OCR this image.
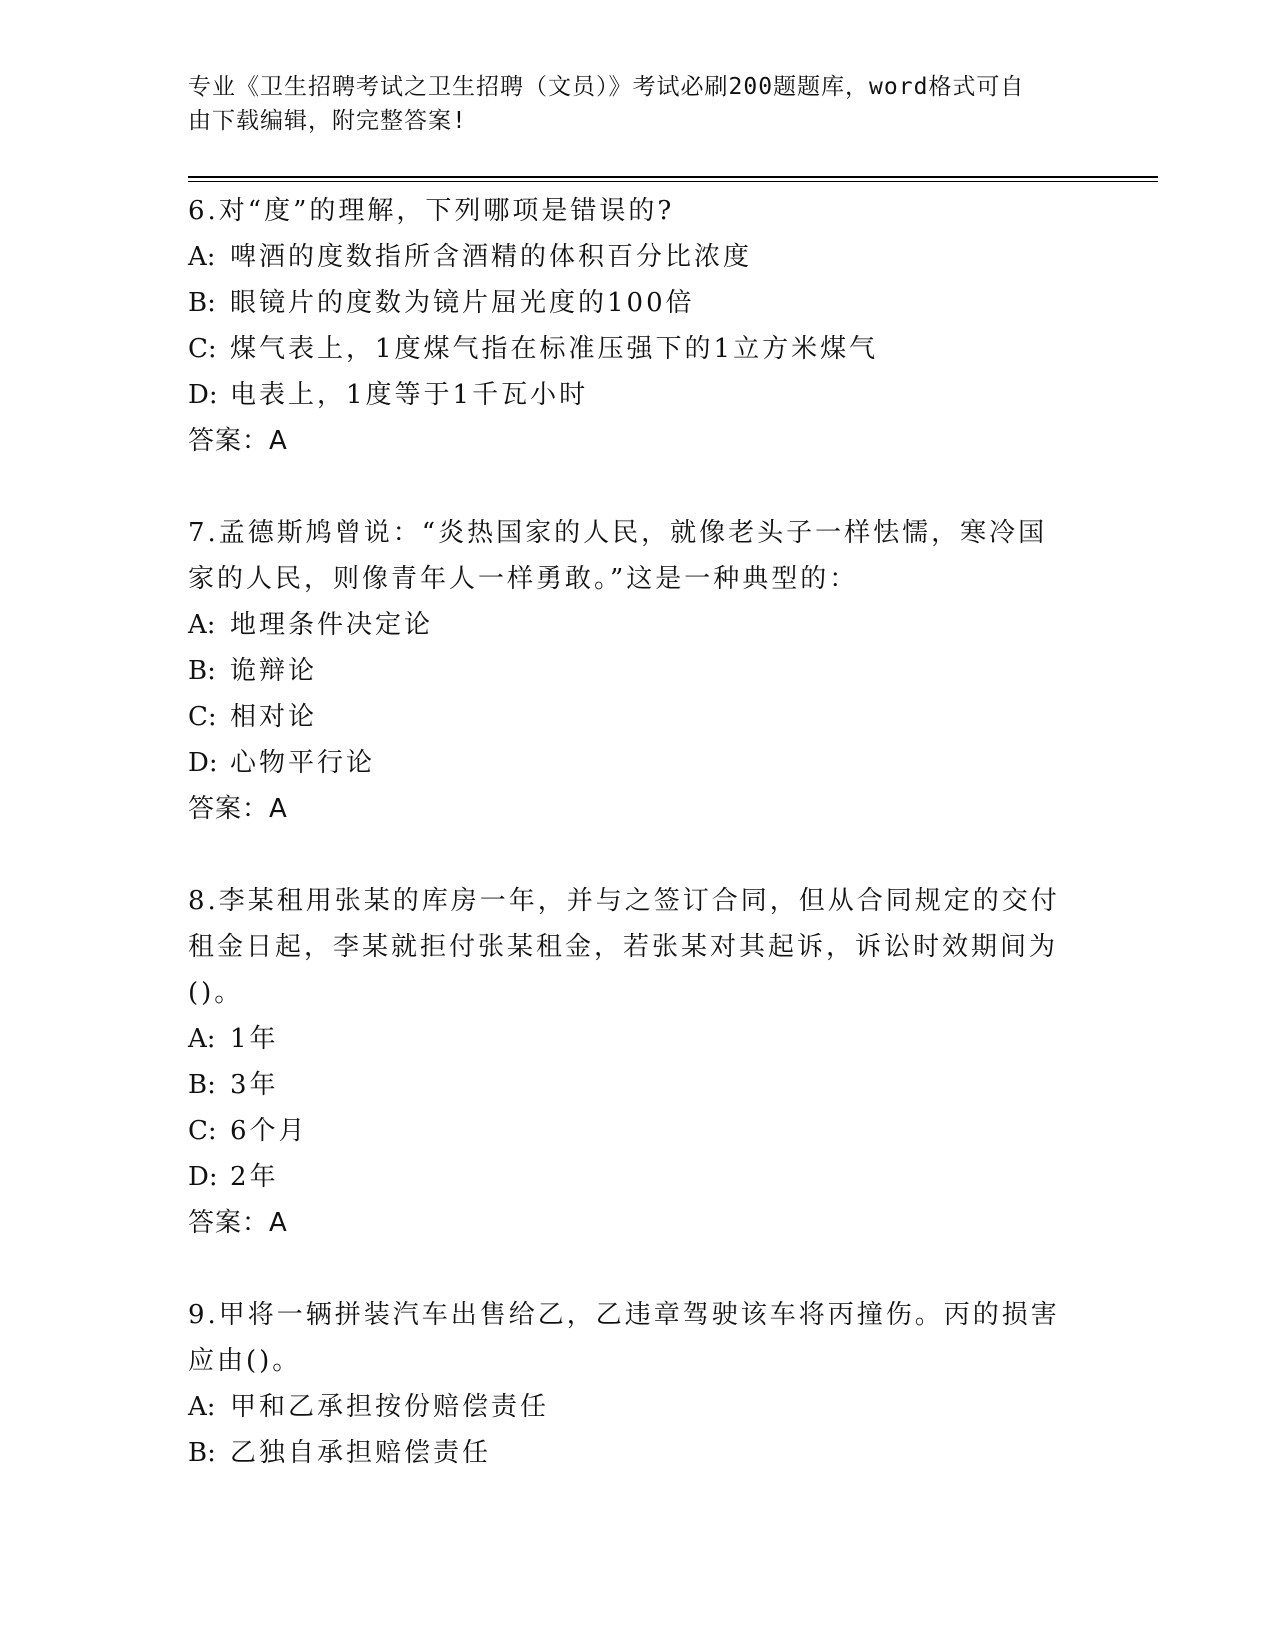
专业《卫生招聘考试之卫生招聘（文员）》考试必刷200题题库，word格式可自
由下载编辑，附完整答案!

6.对“度”的理解，下列哪项是错误的?

A: 啤酒的度数指所含酒精的体积百分比浓度

B: 眼镜片的度数为镜片屈光度的100倍

C: 煤气表上，1度煤气指在标准压强下的1立方米煤气

D: 电表上，1度等于1千瓦小时

答案：A

7.孟德斯鸠曾说：“炎热国家的人民，就像老头子一样怯懦，寒冷国家的人民，则像青年人一样勇敢。”这是一种典型的：

A: 地理条件决定论

B: 诡辩论

C: 相对论

D: 心物平行论

答案：A

8.李某租用张某的库房一年，并与之签订合同，但从合同规定的交付租金日起，李某就拒付张某租金，若张某对其起诉，诉讼时效期间为()。

A: 1年

B: 3年

C: 6个月

D: 2年

答案：A

9.甲将一辆拼装汽车出售给乙，乙违章驾驶该车将丙撞伤。丙的损害应由()。

A: 甲和乙承担按份赔偿责任

B: 乙独自承担赔偿责任
